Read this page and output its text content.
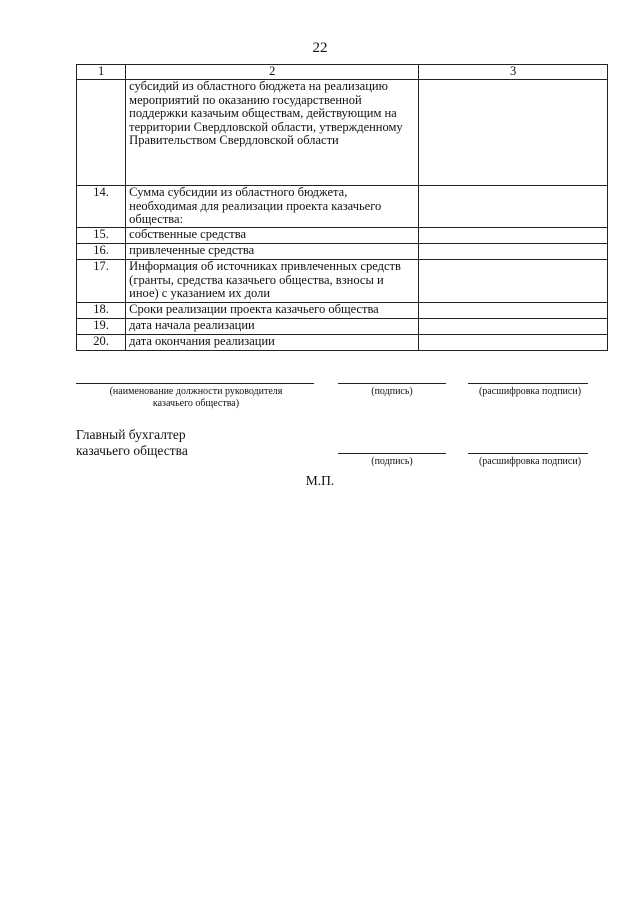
22
1	2	3
	субсидий из областного бюджета на реализацию мероприятий по оказанию государственной поддержки казачьим обществам, действующим на территории Свердловской области, утвержденному Правительством Свердловской области	
14.	Сумма субсидии из областного бюджета, необходимая для реализации проекта казачьего общества:	
15.	собственные средства	
16.	привлеченные средства	
17.	Информация об источниках привлеченных средств (гранты, средства казачьего общества, взносы и иное) с указанием их доли	
18.	Сроки реализации проекта казачьего общества	
19.	дата начала реализации	
20.	дата окончания реализации	
(наименование должности руководителя казачьего общества)
(подпись)	(расшифровка подписи)
Главный бухгалтер казачьего общества
(подпись)	(расшифровка подписи)
М.П.
